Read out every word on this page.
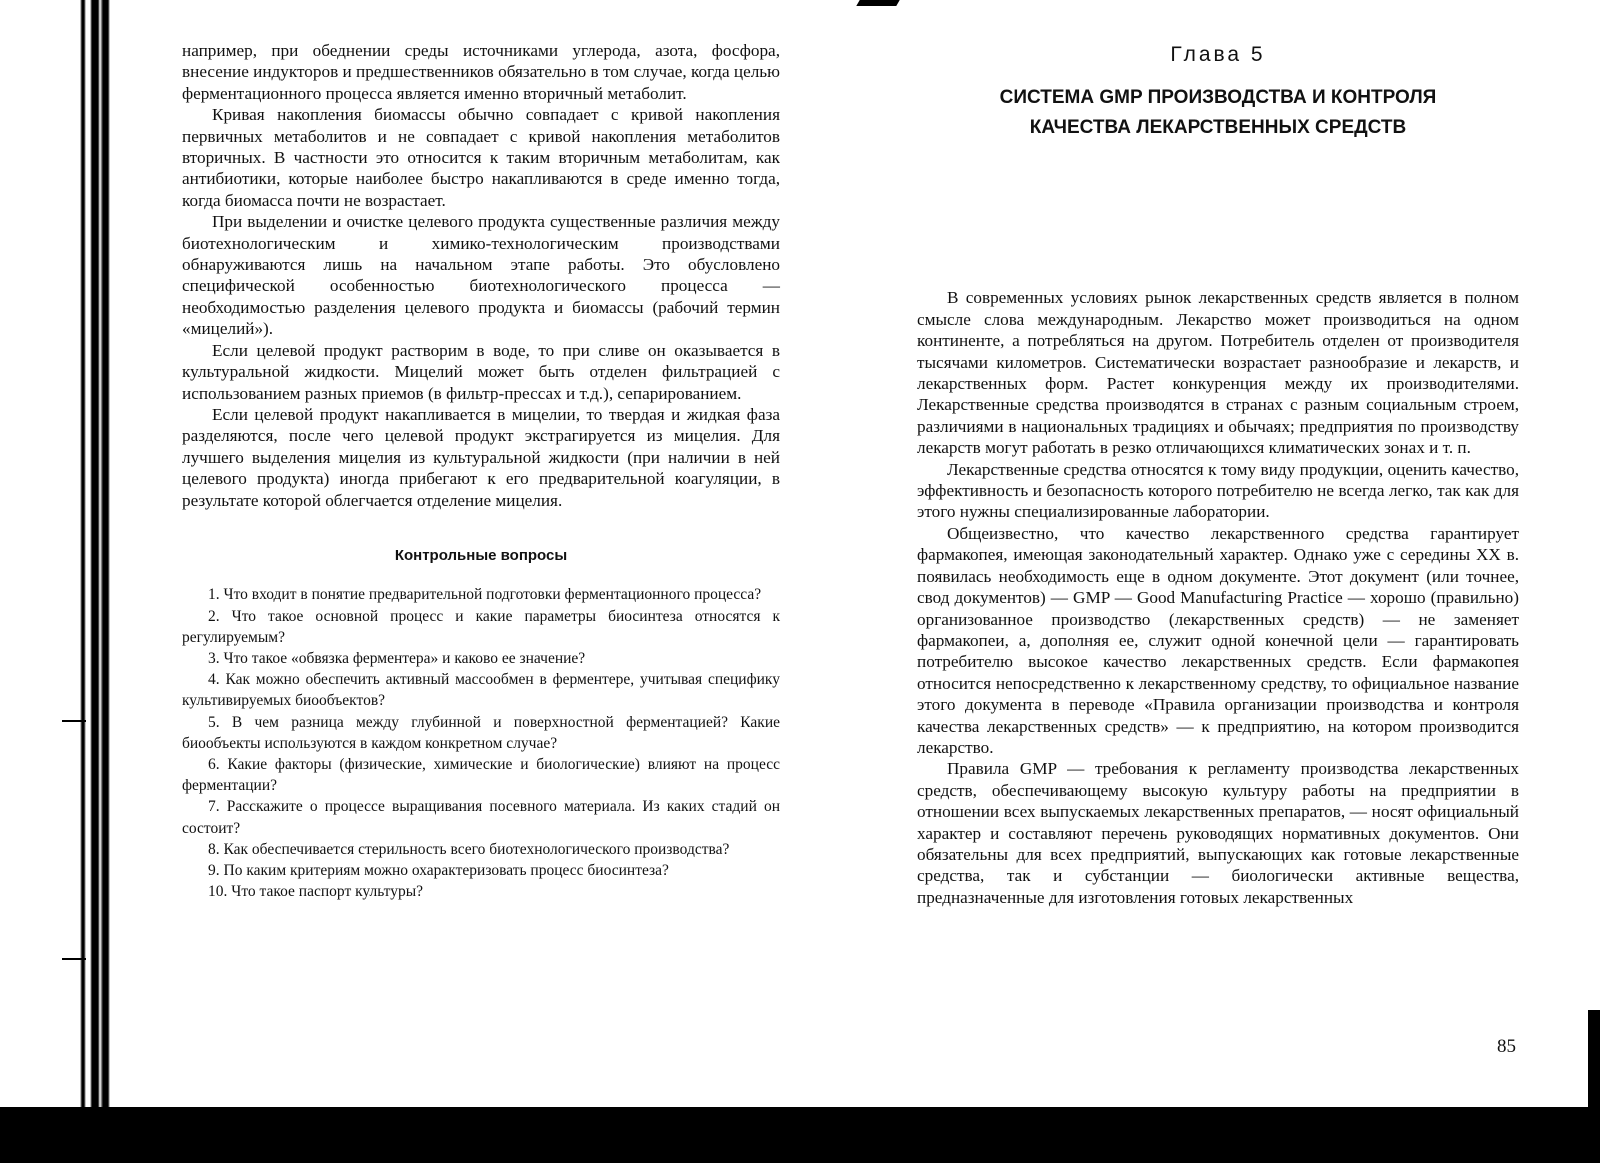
например, при обеднении среды источниками углерода, азота, фосфора, внесение индукторов и предшественников обязательно в том случае, когда целью ферментационного процесса является именно вторичный метаболит.

Кривая накопления биомассы обычно совпадает с кривой накопления первичных метаболитов и не совпадает с кривой накопления метаболитов вторичных. В частности это относится к таким вторичным метаболитам, как антибиотики, которые наиболее быстро накапливаются в среде именно тогда, когда биомасса почти не возрастает.

При выделении и очистке целевого продукта существенные различия между биотехнологическим и химико-технологическим производствами обнаруживаются лишь на начальном этапе работы. Это обусловлено специфической особенностью биотехнологического процесса — необходимостью разделения целевого продукта и биомассы (рабочий термин «мицелий»).

Если целевой продукт растворим в воде, то при сливе он оказывается в культуральной жидкости. Мицелий может быть отделен фильтрацией с использованием разных приемов (в фильтр-прессах и т.д.), сепарированием.

Если целевой продукт накапливается в мицелии, то твердая и жидкая фаза разделяются, после чего целевой продукт экстрагируется из мицелия. Для лучшего выделения мицелия из культуральной жидкости (при наличии в ней целевого продукта) иногда прибегают к его предварительной коагуляции, в результате которой облегчается отделение мицелия.

Контрольные вопросы

1. Что входит в понятие предварительной подготовки ферментационного процесса?

2. Что такое основной процесс и какие параметры биосинтеза относятся к регулируемым?

3. Что такое «обвязка ферментера» и каково ее значение?

4. Как можно обеспечить активный массообмен в ферментере, учитывая специфику культивируемых биообъектов?

5. В чем разница между глубинной и поверхностной ферментацией? Какие биообъекты используются в каждом конкретном случае?

6. Какие факторы (физические, химические и биологические) влияют на процесс ферментации?

7. Расскажите о процессе выращивания посевного материала. Из каких стадий он состоит?

8. Как обеспечивается стерильность всего биотехнологического производства?

9. По каким критериям можно охарактеризовать процесс биосинтеза?

10. Что такое паспорт культуры?

Глава 5
СИСТЕМА GMP ПРОИЗВОДСТВА И КОНТРОЛЯ
КАЧЕСТВА ЛЕКАРСТВЕННЫХ СРЕДСТВ

В современных условиях рынок лекарственных средств является в полном смысле слова международным. Лекарство может производиться на одном континенте, а потребляться на другом. Потребитель отделен от производителя тысячами километров. Систематически возрастает разнообразие и лекарств, и лекарственных форм. Растет конкуренция между их производителями. Лекарственные средства производятся в странах с разным социальным строем, различиями в национальных традициях и обычаях; предприятия по производству лекарств могут работать в резко отличающихся климатических зонах и т. п.

Лекарственные средства относятся к тому виду продукции, оценить качество, эффективность и безопасность которого потребителю не всегда легко, так как для этого нужны специализированные лаборатории.

Общеизвестно, что качество лекарственного средства гарантирует фармакопея, имеющая законодательный характер. Однако уже с середины XX в. появилась необходимость еще в одном документе. Этот документ (или точнее, свод документов) — GMP — Good Manufacturing Practice — хорошо (правильно) организованное производство (лекарственных средств) — не заменяет фармакопеи, а, дополняя ее, служит одной конечной цели — гарантировать потребителю высокое качество лекарственных средств. Если фармакопея относится непосредственно к лекарственному средству, то официальное название этого документа в переводе «Правила организации производства и контроля качества лекарственных средств» — к предприятию, на котором производится лекарство.

Правила GMP — требования к регламенту производства лекарственных средств, обеспечивающему высокую культуру работы на предприятии в отношении всех выпускаемых лекарственных препаратов, — носят официальный характер и составляют перечень руководящих нормативных документов. Они обязательны для всех предприятий, выпускающих как готовые лекарственные средства, так и субстанции — биологически активные вещества, предназначенные для изготовления готовых лекарственных

85
